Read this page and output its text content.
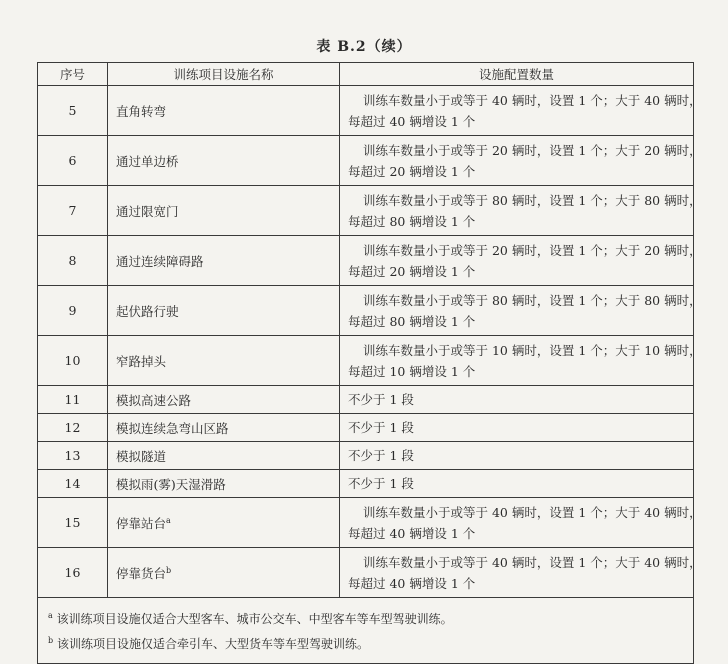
表 B.2（续）
序号	训练项目设施名称	设施配置数量
5	直角转弯	训练车数量小于或等于 40 辆时，设置 1 个；大于 40 辆时，
每超过 40 辆增设 1 个

6	通过单边桥	训练车数量小于或等于 20 辆时，设置 1 个；大于 20 辆时，
每超过 20 辆增设 1 个

7	通过限宽门	训练车数量小于或等于 80 辆时，设置 1 个；大于 80 辆时，
每超过 80 辆增设 1 个

8	通过连续障碍路	训练车数量小于或等于 20 辆时，设置 1 个；大于 20 辆时，
每超过 20 辆增设 1 个

9	起伏路行驶	训练车数量小于或等于 80 辆时，设置 1 个；大于 80 辆时，
每超过 80 辆增设 1 个

10	窄路掉头	训练车数量小于或等于 10 辆时，设置 1 个；大于 10 辆时，
每超过 10 辆增设 1 个

11	模拟高速公路	不少于 1 段
12	模拟连续急弯山区路	不少于 1 段
13	模拟隧道	不少于 1 段
14	模拟雨(雾)天湿滑路	不少于 1 段
15	停靠站台$^a$	训练车数量小于或等于 40 辆时，设置 1 个；大于 40 辆时，
每超过 40 辆增设 1 个

16	停靠货台$^b$	训练车数量小于或等于 40 辆时，设置 1 个；大于 40 辆时，
每超过 40 辆增设 1 个

$^a$ 该训练项目设施仅适合大型客车、城市公交车、中型客车等车型驾驶训练。
$^b$ 该训练项目设施仅适合牵引车、大型货车等车型驾驶训练。		
